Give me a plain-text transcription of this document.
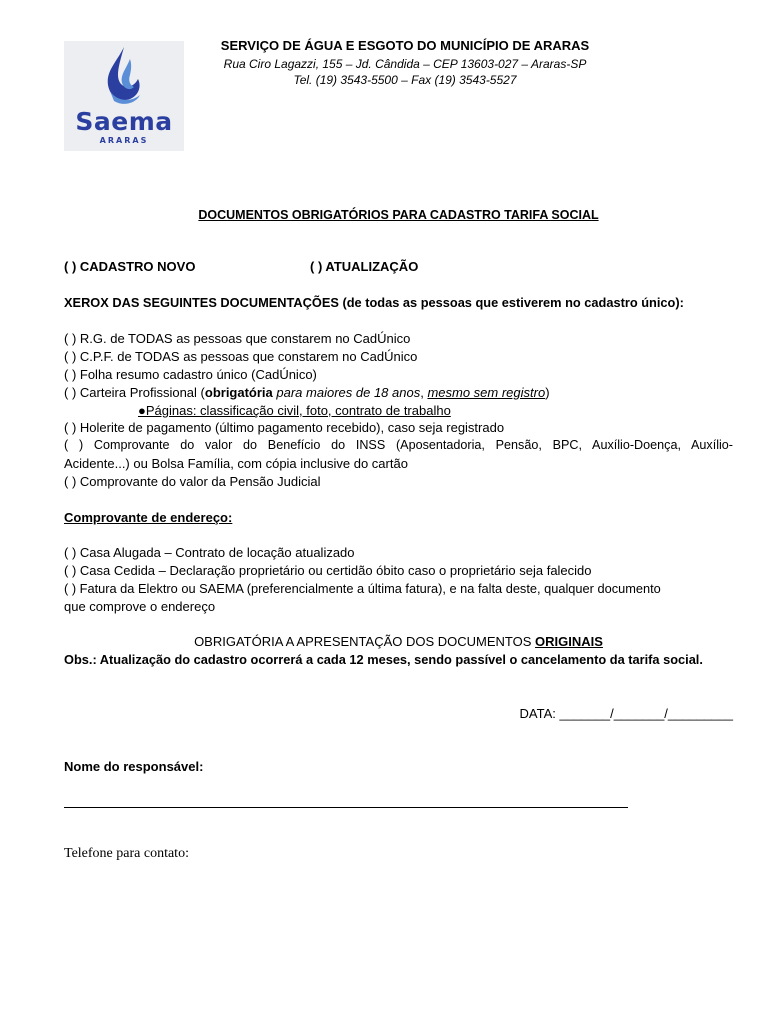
Saema
ARARAS
SERVIÇO DE ÁGUA E ESGOTO DO MUNICÍPIO DE ARARAS
Rua Ciro Lagazzi, 155 – Jd. Cândida – CEP 13603-027 – Araras-SP
Tel. (19) 3543-5500 – Fax (19) 3543-5527
DOCUMENTOS OBRIGATÓRIOS PARA CADASTRO TARIFA SOCIAL
( ) CADASTRO NOVO	( ) ATUALIZAÇÃO
XEROX DAS SEGUINTES DOCUMENTAÇÕES (de todas as pessoas que estiverem no cadastro único):
( ) R.G. de TODAS as pessoas que constarem no CadÚnico
( ) C.P.F. de TODAS as pessoas que constarem no CadÚnico
( ) Folha resumo cadastro único (CadÚnico)
( ) Carteira Profissional (obrigatória para maiores de 18 anos, mesmo sem registro)
●Páginas: classificação civil, foto, contrato de trabalho
( ) Holerite de pagamento (último pagamento recebido), caso seja registrado
( ) Comprovante do valor do Benefício do INSS (Aposentadoria, Pensão, BPC, Auxílio-Doença, Auxílio-
Acidente...) ou Bolsa Família, com cópia inclusive do cartão
( ) Comprovante do valor da Pensão Judicial
Comprovante de endereço:
( ) Casa Alugada – Contrato de locação atualizado
( ) Casa Cedida – Declaração proprietário ou certidão óbito caso o proprietário seja falecido
( ) Fatura da Elektro ou SAEMA (preferencialmente a última fatura), e na falta deste, qualquer documento
que comprove o endereço
OBRIGATÓRIA A APRESENTAÇÃO DOS DOCUMENTOS ORIGINAIS
Obs.: Atualização do cadastro ocorrerá a cada 12 meses, sendo passível o cancelamento da tarifa social.
DATA: _______/_______/_________
Nome do responsável:
Telefone para contato:
